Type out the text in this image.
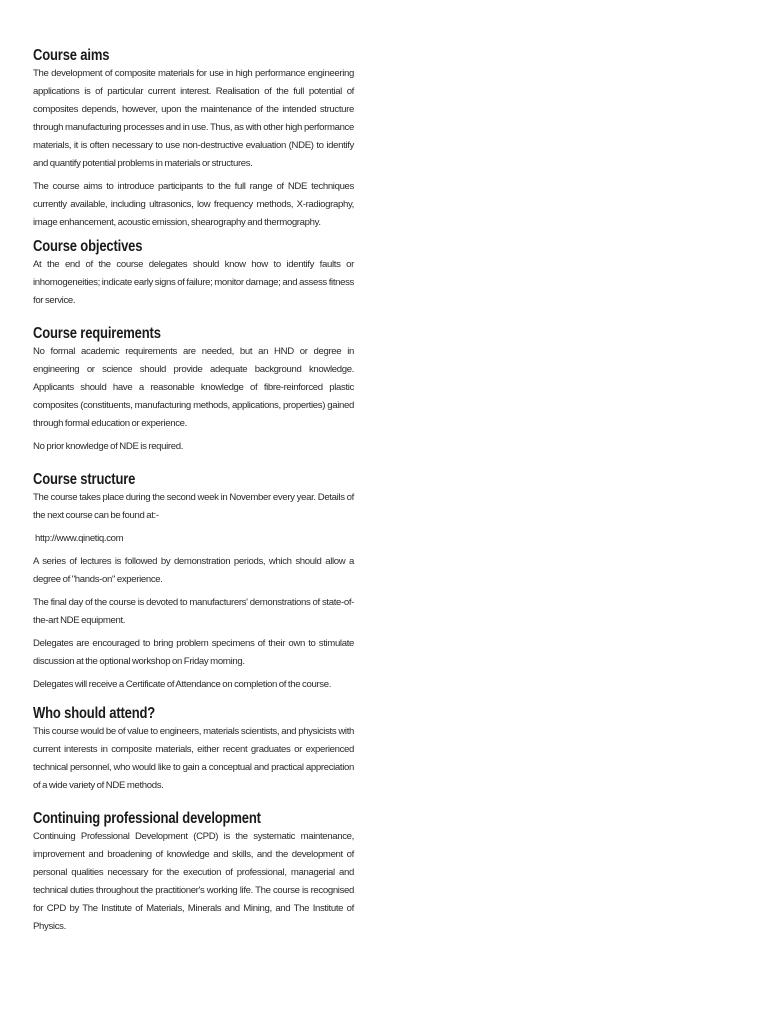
Course aims

The development of composite materials for use in high performance engineering applications is of particular current interest. Realisation of the full potential of composites depends, however, upon the maintenance of the intended structure through manufacturing processes and in use. Thus, as with other high performance materials, it is often necessary to use non-destructive evaluation (NDE) to identify and quantify potential problems in materials or structures.

The course aims to introduce participants to the full range of NDE techniques currently available, including ultrasonics, low frequency methods, X-radiography, image enhancement, acoustic emission, shearography and thermography.

Course objectives

At the end of the course delegates should know how to identify faults or inhomogeneities; indicate early signs of failure; monitor damage; and assess fitness for service.

Course requirements

No formal academic requirements are needed, but an HND or degree in engineering or science should provide adequate background knowledge. Applicants should have a reasonable knowledge of fibre-reinforced plastic composites (constituents, manufacturing methods, applications, properties) gained through formal education or experience.

No prior knowledge of NDE is required.

Course structure

The course takes place during the second week in November every year. Details of the next course can be found at:-

http://www.qinetiq.com

A series of lectures is followed by demonstration periods, which should allow a degree of "hands-on" experience.

The final day of the course is devoted to manufacturers' demonstrations of state-of-the-art NDE equipment.

Delegates are encouraged to bring problem specimens of their own to stimulate discussion at the optional workshop on Friday morning.

Delegates will receive a Certificate of Attendance on completion of the course.

Who should attend?

This course would be of value to engineers, materials scientists, and physicists with current interests in composite materials, either recent graduates or experienced technical personnel, who would like to gain a conceptual and practical appreciation of a wide variety of NDE methods.

Continuing professional development

Continuing Professional Development (CPD) is the systematic maintenance, improvement and broadening of knowledge and skills, and the development of personal qualities necessary for the execution of professional, managerial and technical duties throughout the practitioner's working life. The course is recognised for CPD by The Institute of Materials, Minerals and Mining, and The Institute of Physics.
